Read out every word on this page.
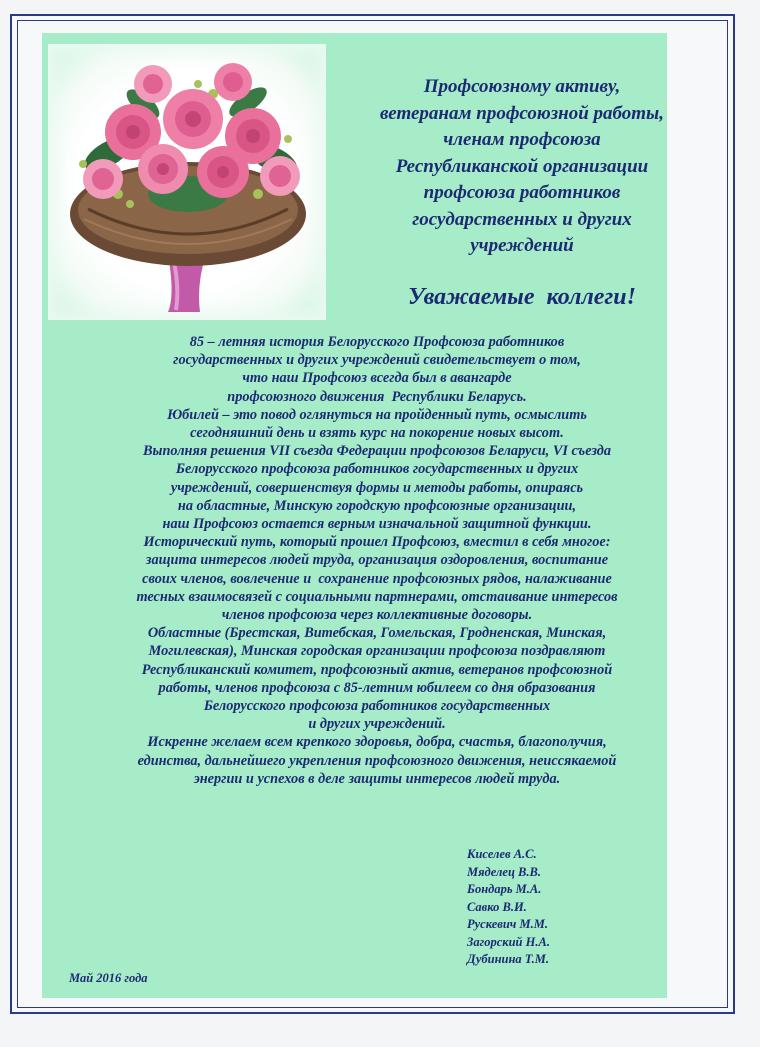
Профсоюзному активу,
ветеранам профсоюзной работы,
членам профсоюза
Республиканской организации
профсоюза работников
государственных и других
учреждений
Уважаемые  коллеги!
85 – летняя история Белорусского Профсоюза работников
государственных и других учреждений свидетельствует о том,
что наш Профсоюз всегда был в авангарде
профсоюзного движения  Республики Беларусь.
Юбилей – это повод оглянуться на пройденный путь, осмыслить
сегодняшний день и взять курс на покорение новых высот.
Выполняя решения VII съезда Федерации профсоюзов Беларуси, VI съезда
Белорусского профсоюза работников государственных и других
учреждений, совершенствуя формы и методы работы, опираясь
на областные, Минскую городскую профсоюзные организации,
наш Профсоюз остается верным изначальной защитной функции.
Исторический путь, который прошел Профсоюз, вместил в себя многое:
защита интересов людей труда, организация оздоровления, воспитание
своих членов, вовлечение и  сохранение профсоюзных рядов, налаживание
тесных взаимосвязей с социальными партнерами, отстаивание интересов
членов профсоюза через коллективные договоры.
Областные (Брестская, Витебская, Гомельская, Гродненская, Минская,
Могилевская), Минская городская организации профсоюза поздравляют
Республиканский комитет, профсоюзный актив, ветеранов профсоюзной
работы, членов профсоюза с 85-летним юбилеем со дня образования
Белорусского профсоюза работников государственных
и других учреждений.
Искренне желаем всем крепкого здоровья, добра, счастья, благополучия,
единства, дальнейшего укрепления профсоюзного движения, неиссякаемой
энергии и успехов в деле защиты интересов людей труда.
Киселев А.С.
Мяделец В.В.
Бондарь М.А.
Савко В.И.
Рускевич М.М.
Загорский Н.А.
Дубинина Т.М.
Май 2016 года
